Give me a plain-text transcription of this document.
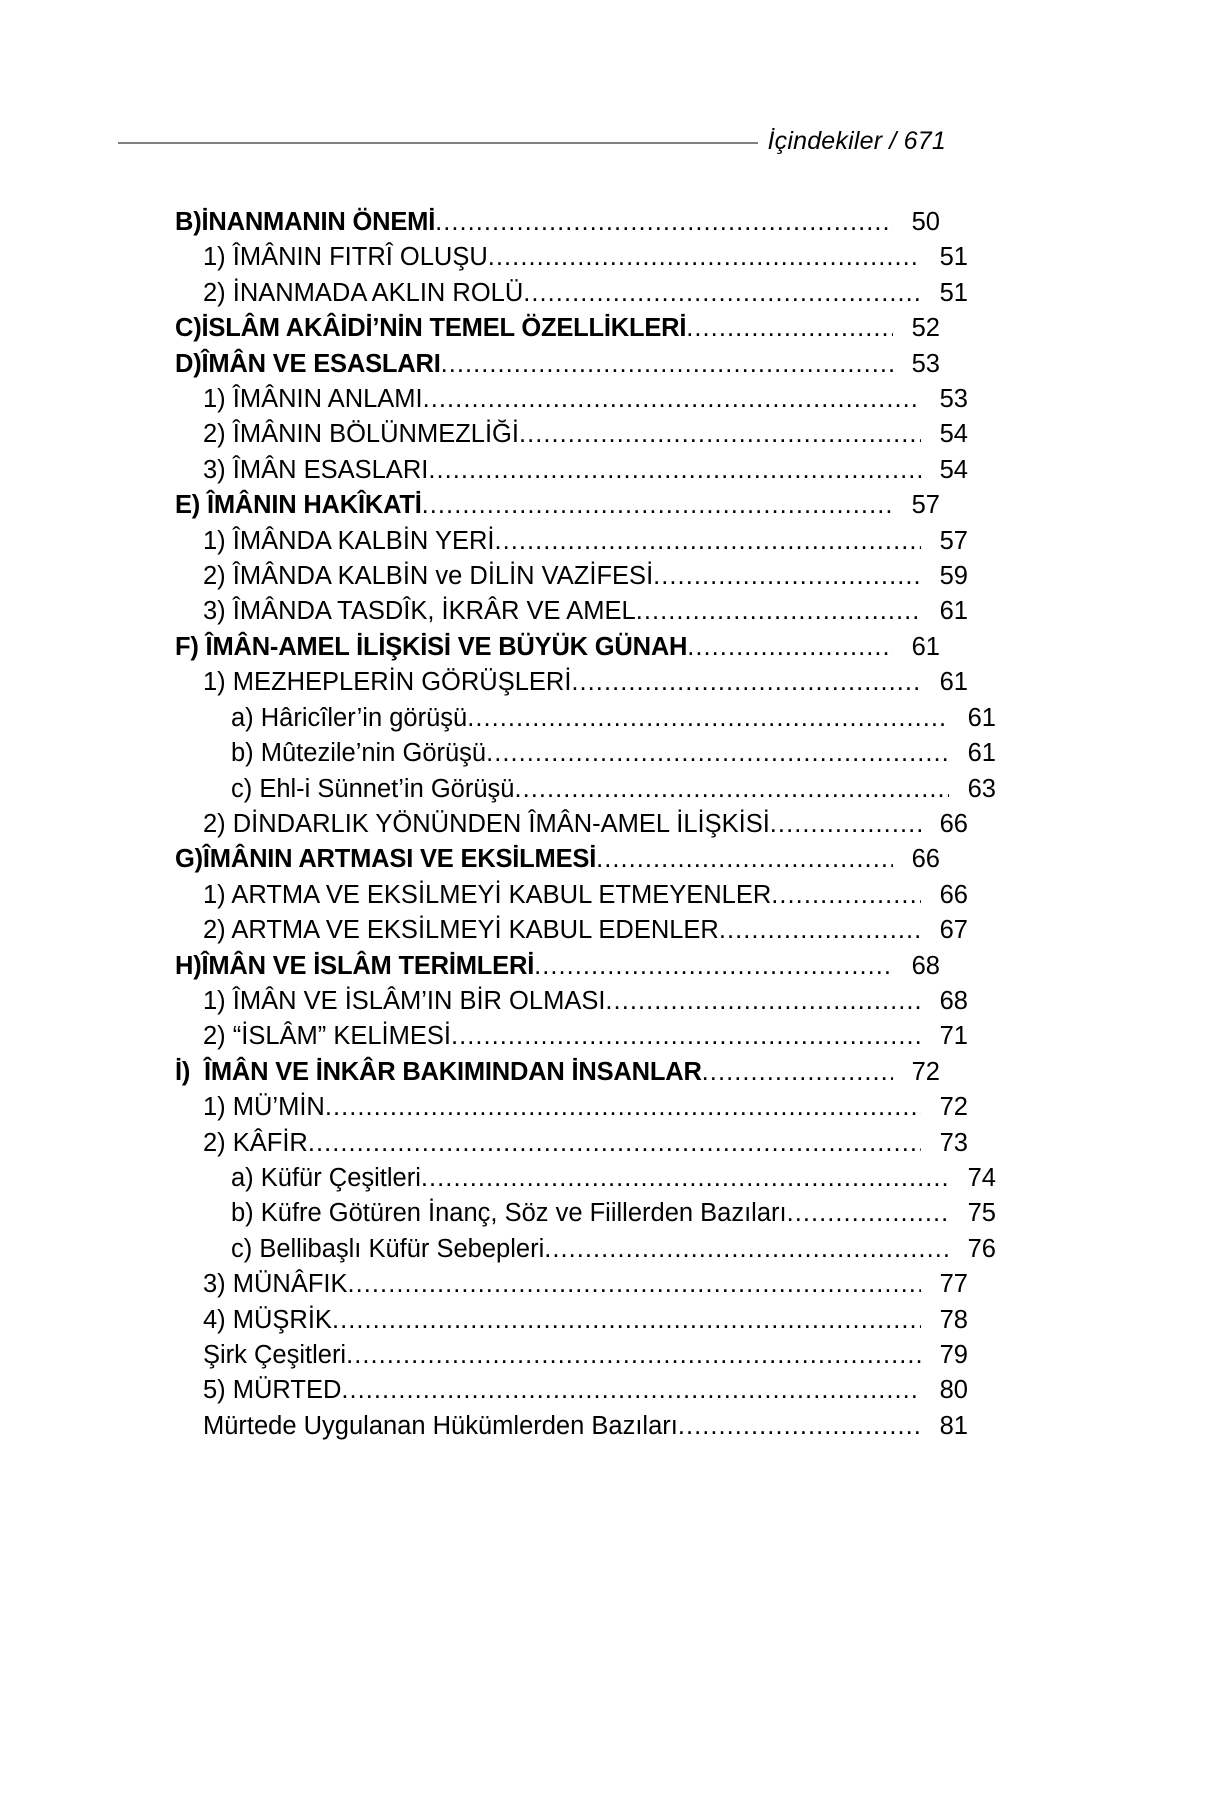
İçindekiler / 671
B)İNANMANIN ÖNEMİ .....	50
1) ÎMÂNIN FITRÎ OLUŞU .....	51
2) İNANMADA AKLIN ROLÜ .....	51
C)İSLÂM AKÂİDİ’NİN TEMEL ÖZELLİKLERİ .....	52
D)ÎMÂN VE ESASLARI .....	53
1) ÎMÂNIN ANLAMI .....	53
2) ÎMÂNIN BÖLÜNMEZLİĞİ .....	54
3) ÎMÂN ESASLARI .....	54
E) ÎMÂNIN HAKÎKATİ .....	57
1) ÎMÂNDA KALBİN YERİ .....	57
2) ÎMÂNDA KALBİN ve DİLİN VAZİFESİ .....	59
3) ÎMÂNDA TASDÎK, İKRÂR VE AMEL .....	61
F) ÎMÂN-AMEL İLİŞKİSİ VE BÜYÜK GÜNAH .....	61
1) MEZHEPLERİN GÖRÜŞLERİ .....	61
a) Hâricîler’in görüşü .....	61
b) Mûtezile’nin Görüşü .....	61
c) Ehl-i Sünnet’in Görüşü .....	63
2) DİNDARLIK YÖNÜNDEN ÎMÂN-AMEL İLİŞKİSİ .....	66
G)ÎMÂNIN ARTMASI VE EKSİLMESİ .....	66
1) ARTMA VE EKSİLMEYİ KABUL ETMEYENLER .....	66
2) ARTMA VE EKSİLMEYİ KABUL EDENLER .....	67
H)ÎMÂN VE İSLÂM TERİMLERİ .....	68
1) ÎMÂN VE İSLÂM’IN BİR OLMASI .....	68
2) “İSLÂM” KELİMESİ .....	71
İ)  ÎMÂN VE İNKÂR BAKIMINDAN İNSANLAR .....	72
1) MÜ’MİN .....	72
2) KÂFİR .....	73
a) Küfür Çeşitleri .....	74
b) Küfre Götüren İnanç, Söz ve Fiillerden Bazıları .....	75
c) Bellibaşlı Küfür Sebepleri .....	76
3) MÜNÂFIK .....	77
4) MÜŞRİK .....	78
Şirk Çeşitleri .....	79
5) MÜRTED .....	80
Mürtede Uygulanan Hükümlerden Bazıları .....	81
